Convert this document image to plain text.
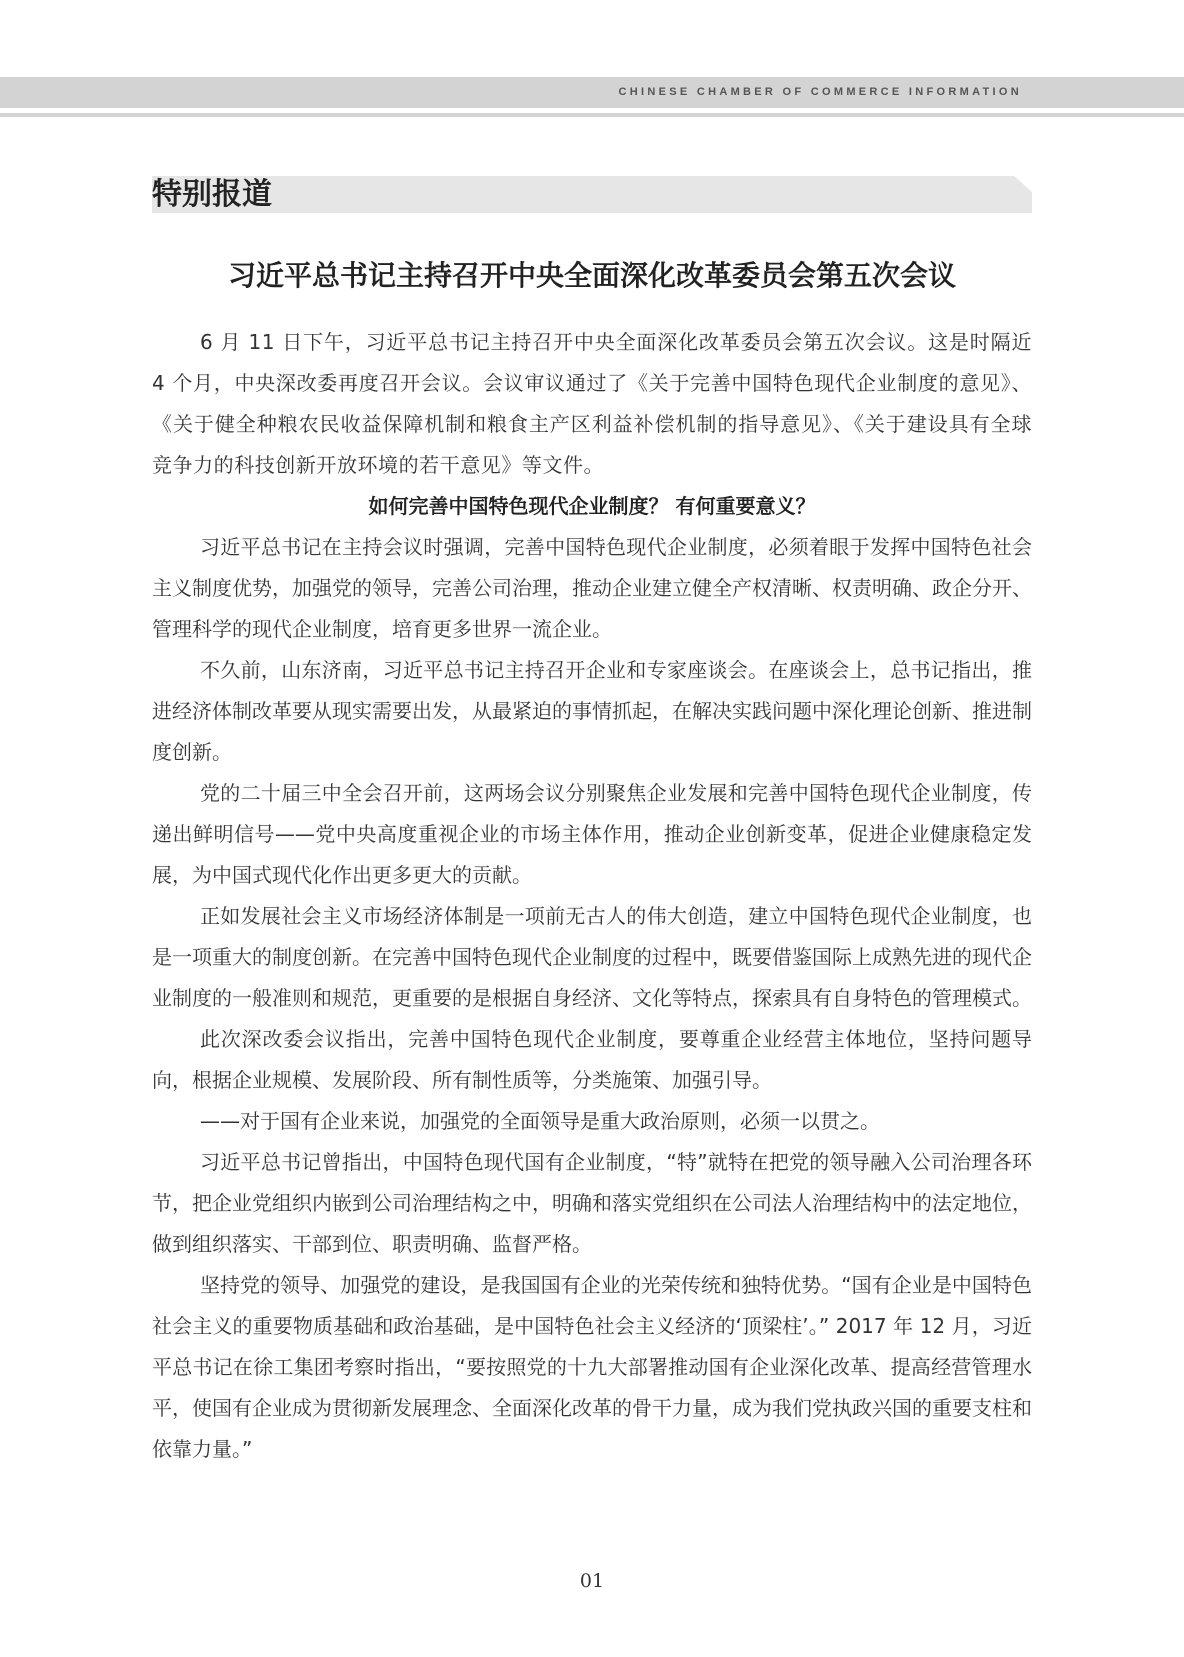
CHINESE CHAMBER OF COMMERCE INFORMATION
特别报道
习近平总书记主持召开中央全面深化改革委员会第五次会议

6 月 11 日下午，习近平总书记主持召开中央全面深化改革委员会第五次会议。这是时隔近 4 个月，中央深改委再度召开会议。会议审议通过了《关于完善中国特色现代企业制度的意见》、《关于健全种粮农民收益保障机制和粮食主产区利益补偿机制的指导意见》、《关于建设具有全球竞争力的科技创新开放环境的若干意见》等文件。

如何完善中国特色现代企业制度？ 有何重要意义？

习近平总书记在主持会议时强调，完善中国特色现代企业制度，必须着眼于发挥中国特色社会主义制度优势，加强党的领导，完善公司治理，推动企业建立健全产权清晰、权责明确、政企分开、管理科学的现代企业制度，培育更多世界一流企业。

不久前，山东济南，习近平总书记主持召开企业和专家座谈会。在座谈会上，总书记指出，推进经济体制改革要从现实需要出发，从最紧迫的事情抓起，在解决实践问题中深化理论创新、推进制度创新。

党的二十届三中全会召开前，这两场会议分别聚焦企业发展和完善中国特色现代企业制度，传递出鲜明信号——党中央高度重视企业的市场主体作用，推动企业创新变革，促进企业健康稳定发展，为中国式现代化作出更多更大的贡献。

正如发展社会主义市场经济体制是一项前无古人的伟大创造，建立中国特色现代企业制度，也是一项重大的制度创新。在完善中国特色现代企业制度的过程中，既要借鉴国际上成熟先进的现代企业制度的一般准则和规范，更重要的是根据自身经济、文化等特点，探索具有自身特色的管理模式。

此次深改委会议指出，完善中国特色现代企业制度，要尊重企业经营主体地位，坚持问题导向，根据企业规模、发展阶段、所有制性质等，分类施策、加强引导。

——对于国有企业来说，加强党的全面领导是重大政治原则，必须一以贯之。

习近平总书记曾指出，中国特色现代国有企业制度，“特”就特在把党的领导融入公司治理各环节，把企业党组织内嵌到公司治理结构之中，明确和落实党组织在公司法人治理结构中的法定地位，做到组织落实、干部到位、职责明确、监督严格。

坚持党的领导、加强党的建设，是我国国有企业的光荣传统和独特优势。“国有企业是中国特色社会主义的重要物质基础和政治基础，是中国特色社会主义经济的‘顶梁柱’。” 2017 年 12 月，习近平总书记在徐工集团考察时指出，“要按照党的十九大部署推动国有企业深化改革、提高经营管理水平，使国有企业成为贯彻新发展理念、全面深化改革的骨干力量，成为我们党执政兴国的重要支柱和依靠力量。”

01
